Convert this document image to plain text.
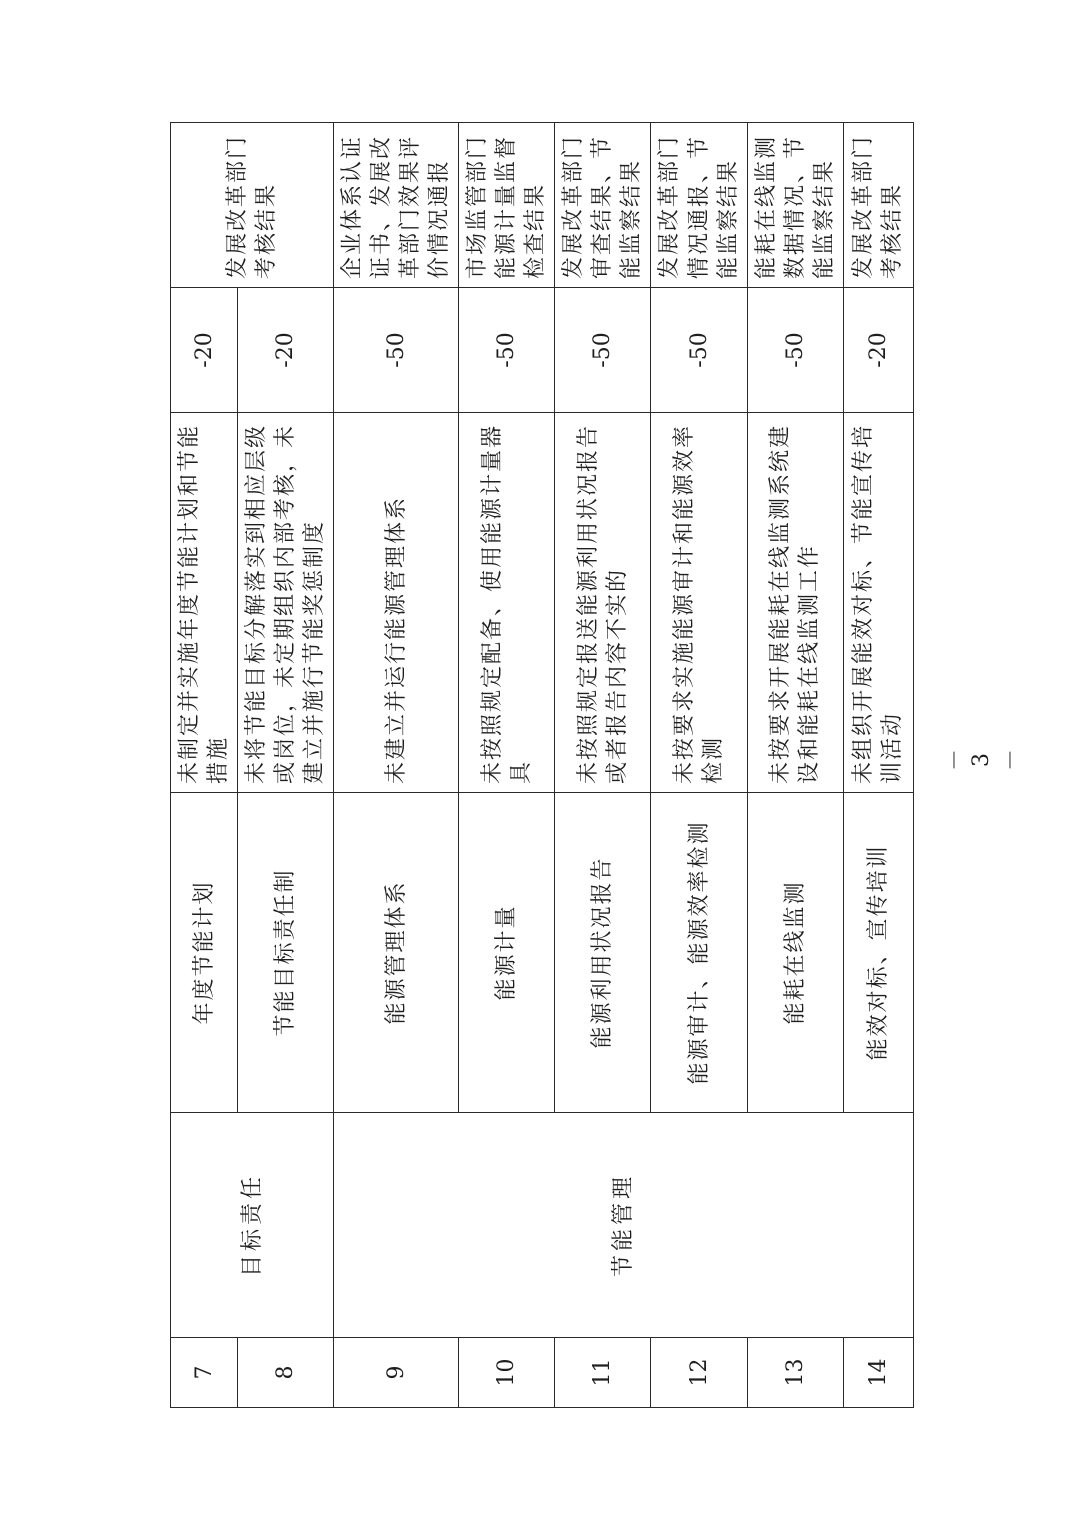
7	目标责任	年度节能计划	未制定并实施年度节能计划和节能措施	-20	发展改革部门考核结果
8		节能目标责任制	未将节能目标分解落实到相应层级或岗位，未定期组织内部考核，未建立并施行节能奖惩制度	-20	
9	节能管理	能源管理体系	未建立并运行能源管理体系	-50	企业体系认证证书、发展改革部门效果评价情况通报
10		能源计量	未按照规定配备、使用能源计量器具	-50	市场监管部门能源计量监督检查结果
11		能源利用状况报告	未按照规定报送能源利用状况报告或者报告内容不实的	-50	发展改革部门审查结果、节能监察结果
12		能源审计、能源效率检测	未按要求实施能源审计和能源效率检测	-50	发展改革部门情况通报、节能监察结果
13		能耗在线监测	未按要求开展能耗在线监测系统建设和能耗在线监测工作	-50	能耗在线监测数据情况、节能监察结果
14		能效对标、宣传培训	未组织开展能效对标、节能宣传培训活动	-20	发展改革部门考核结果
－ 3 －
